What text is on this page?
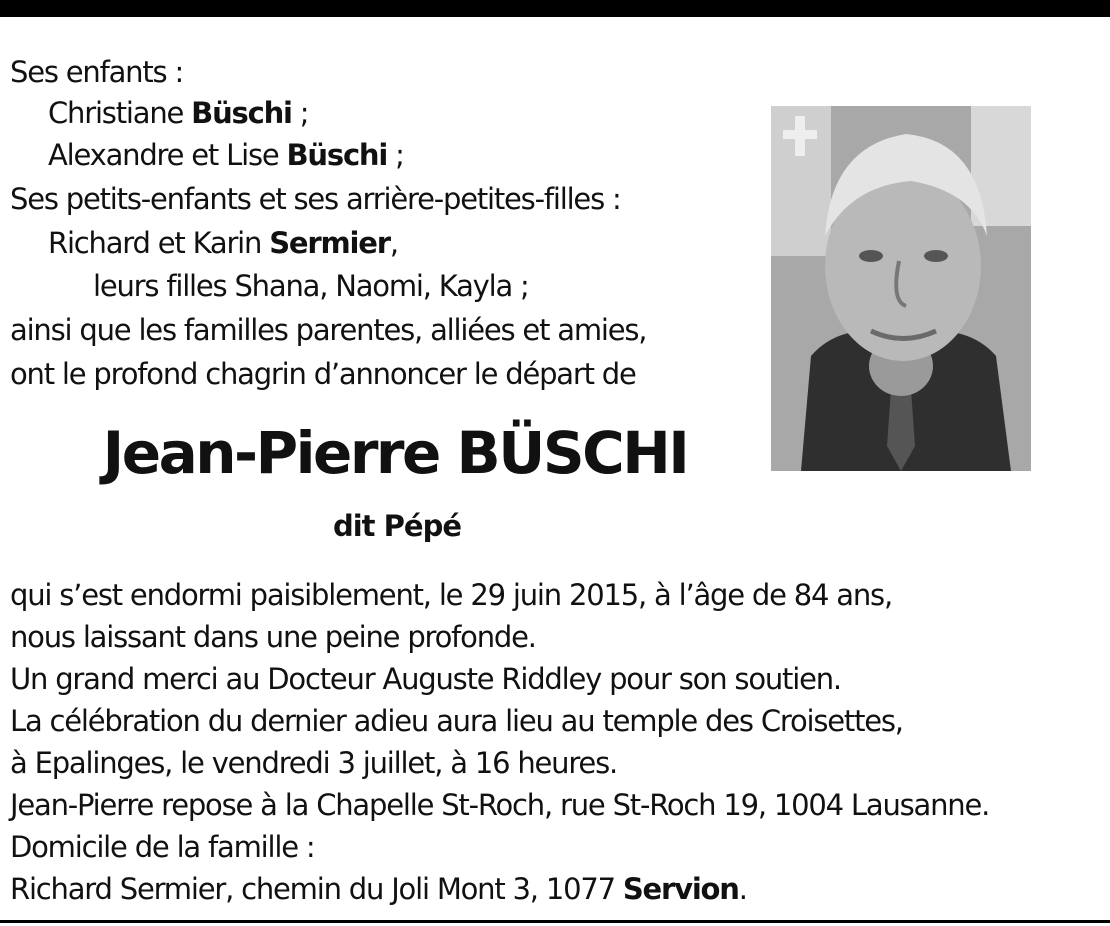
Ses enfants :
Christiane Büschi ;
Alexandre et Lise Büschi ;
Ses petits-enfants et ses arrière-petites-filles :
Richard et Karin Sermier,
leurs filles Shana, Naomi, Kayla ;
ainsi que les familles parentes, alliées et amies,
ont le profond chagrin d’annoncer le départ de
Jean-Pierre BÜSCHI
dit Pépé
qui s’est endormi paisiblement, le 29 juin 2015, à l’âge de 84 ans,
nous laissant dans une peine profonde.
Un grand merci au Docteur Auguste Riddley pour son soutien.
La célébration du dernier adieu aura lieu au temple des Croisettes,
à Epalinges, le vendredi 3 juillet, à 16 heures.
Jean-Pierre repose à la Chapelle St-Roch, rue St-Roch 19, 1004 Lausanne.
Domicile de la famille :
Richard Sermier, chemin du Joli Mont 3, 1077 Servion.
